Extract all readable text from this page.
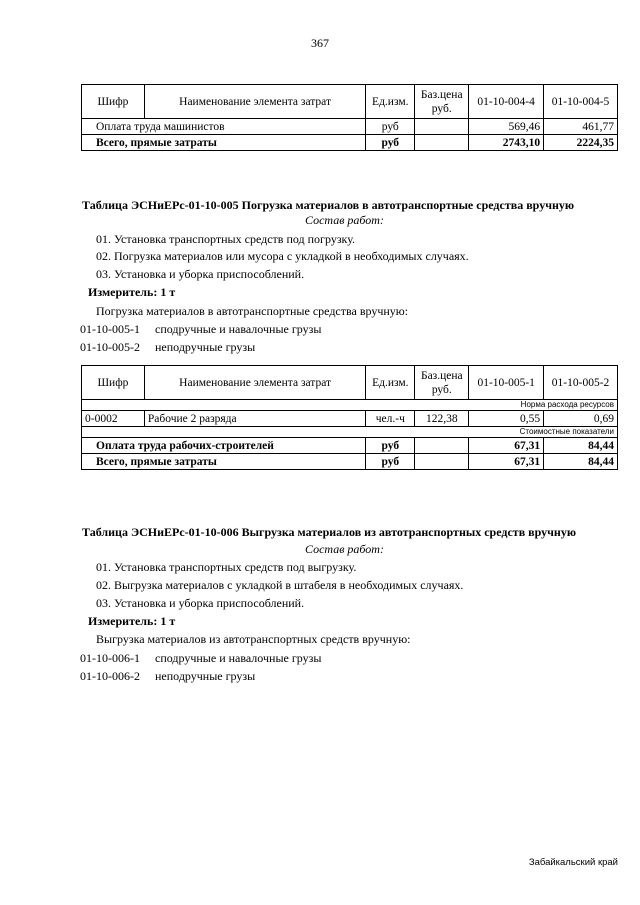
367
Шифр	Наименование элемента затрат	Ед.изм.	Баз.цена руб.	01-10-004-4	01-10-004-5
Оплата труда машинистов		руб		569,46	461,77
Всего, прямые затраты		руб		2743,10	2224,35
Таблица ЭСНиЕРс-01-10-005 Погрузка материалов в автотранспортные средства вручную
Состав работ:
01. Установка транспортных средств под погрузку.
02. Погрузка материалов или мусора с укладкой в необходимых случаях.
03. Установка и уборка приспособлений.
Измеритель: 1 т
Погрузка материалов в автотранспортные средства вручную:
01-10-005-1 сподручные и навалочные грузы
01-10-005-2 неподручные грузы
Шифр	Наименование элемента затрат	Ед.изм.	Баз.цена руб.	01-10-005-1	01-10-005-2
Норма расхода ресурсов					
0-0002	Рабочие 2 разряда	чел.-ч	122,38	0,55	0,69
Стоимостные показатели					
Оплата труда рабочих-строителей		руб		67,31	84,44
Всего, прямые затраты		руб		67,31	84,44
Таблица ЭСНиЕРс-01-10-006 Выгрузка материалов из автотранспортных средств вручную
Состав работ:
01. Установка транспортных средств под выгрузку.
02. Выгрузка материалов с укладкой в штабеля в необходимых случаях.
03. Установка и уборка приспособлений.
Измеритель: 1 т
Выгрузка материалов из автотранспортных средств вручную:
01-10-006-1 сподручные и навалочные грузы
01-10-006-2 неподручные грузы
Забайкальский край
